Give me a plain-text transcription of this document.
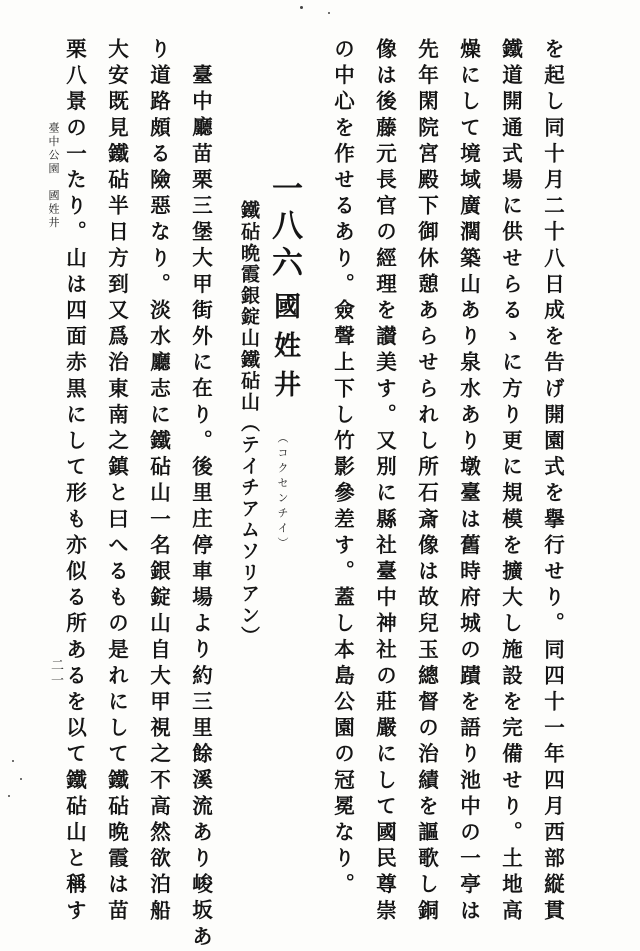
を起し同十月二十八日成を告げ開園式を擧行せり。同四十一年四月西部縦貫
鐵道開通式場に供せらるゝに方り更に規模を擴大し施設を完備せり。土地高
燥にして境域廣濶築山あり泉水あり墩臺は舊時府城の蹟を語り池中の一亭は
先年閑院宮殿下御休憩あらせられし所石斎像は故兒玉總督の治績を謳歌し銅
像は後藤元長官の經理を讃美す。又別に縣社臺中神社の莊嚴にして國民尊崇
の中心を作せるあり。僉聲上下し竹影參差す。蓋し本島公園の冠冕なり。
一八六
國姓井
（コクセンチイ）
鐵砧晩霞銀錠山鐵砧山（テイチアムソリアン）
臺中廳苗栗三堡大甲街外に在り。後里庄停車場より約三里餘溪流あり峻坂あ
り道路頗る險惡なり。淡水廳志に鐵砧山一名銀錠山自大甲視之不高然欲泊船
大安既見鐵砧半日方到又爲治東南之鎮と曰へるもの是れにして鐵砧晩霞は苗
栗八景の一たり。山は四面赤黒にして形も亦似る所あるを以て鐵砧山と稱す
臺中公園　國姓井
二一
